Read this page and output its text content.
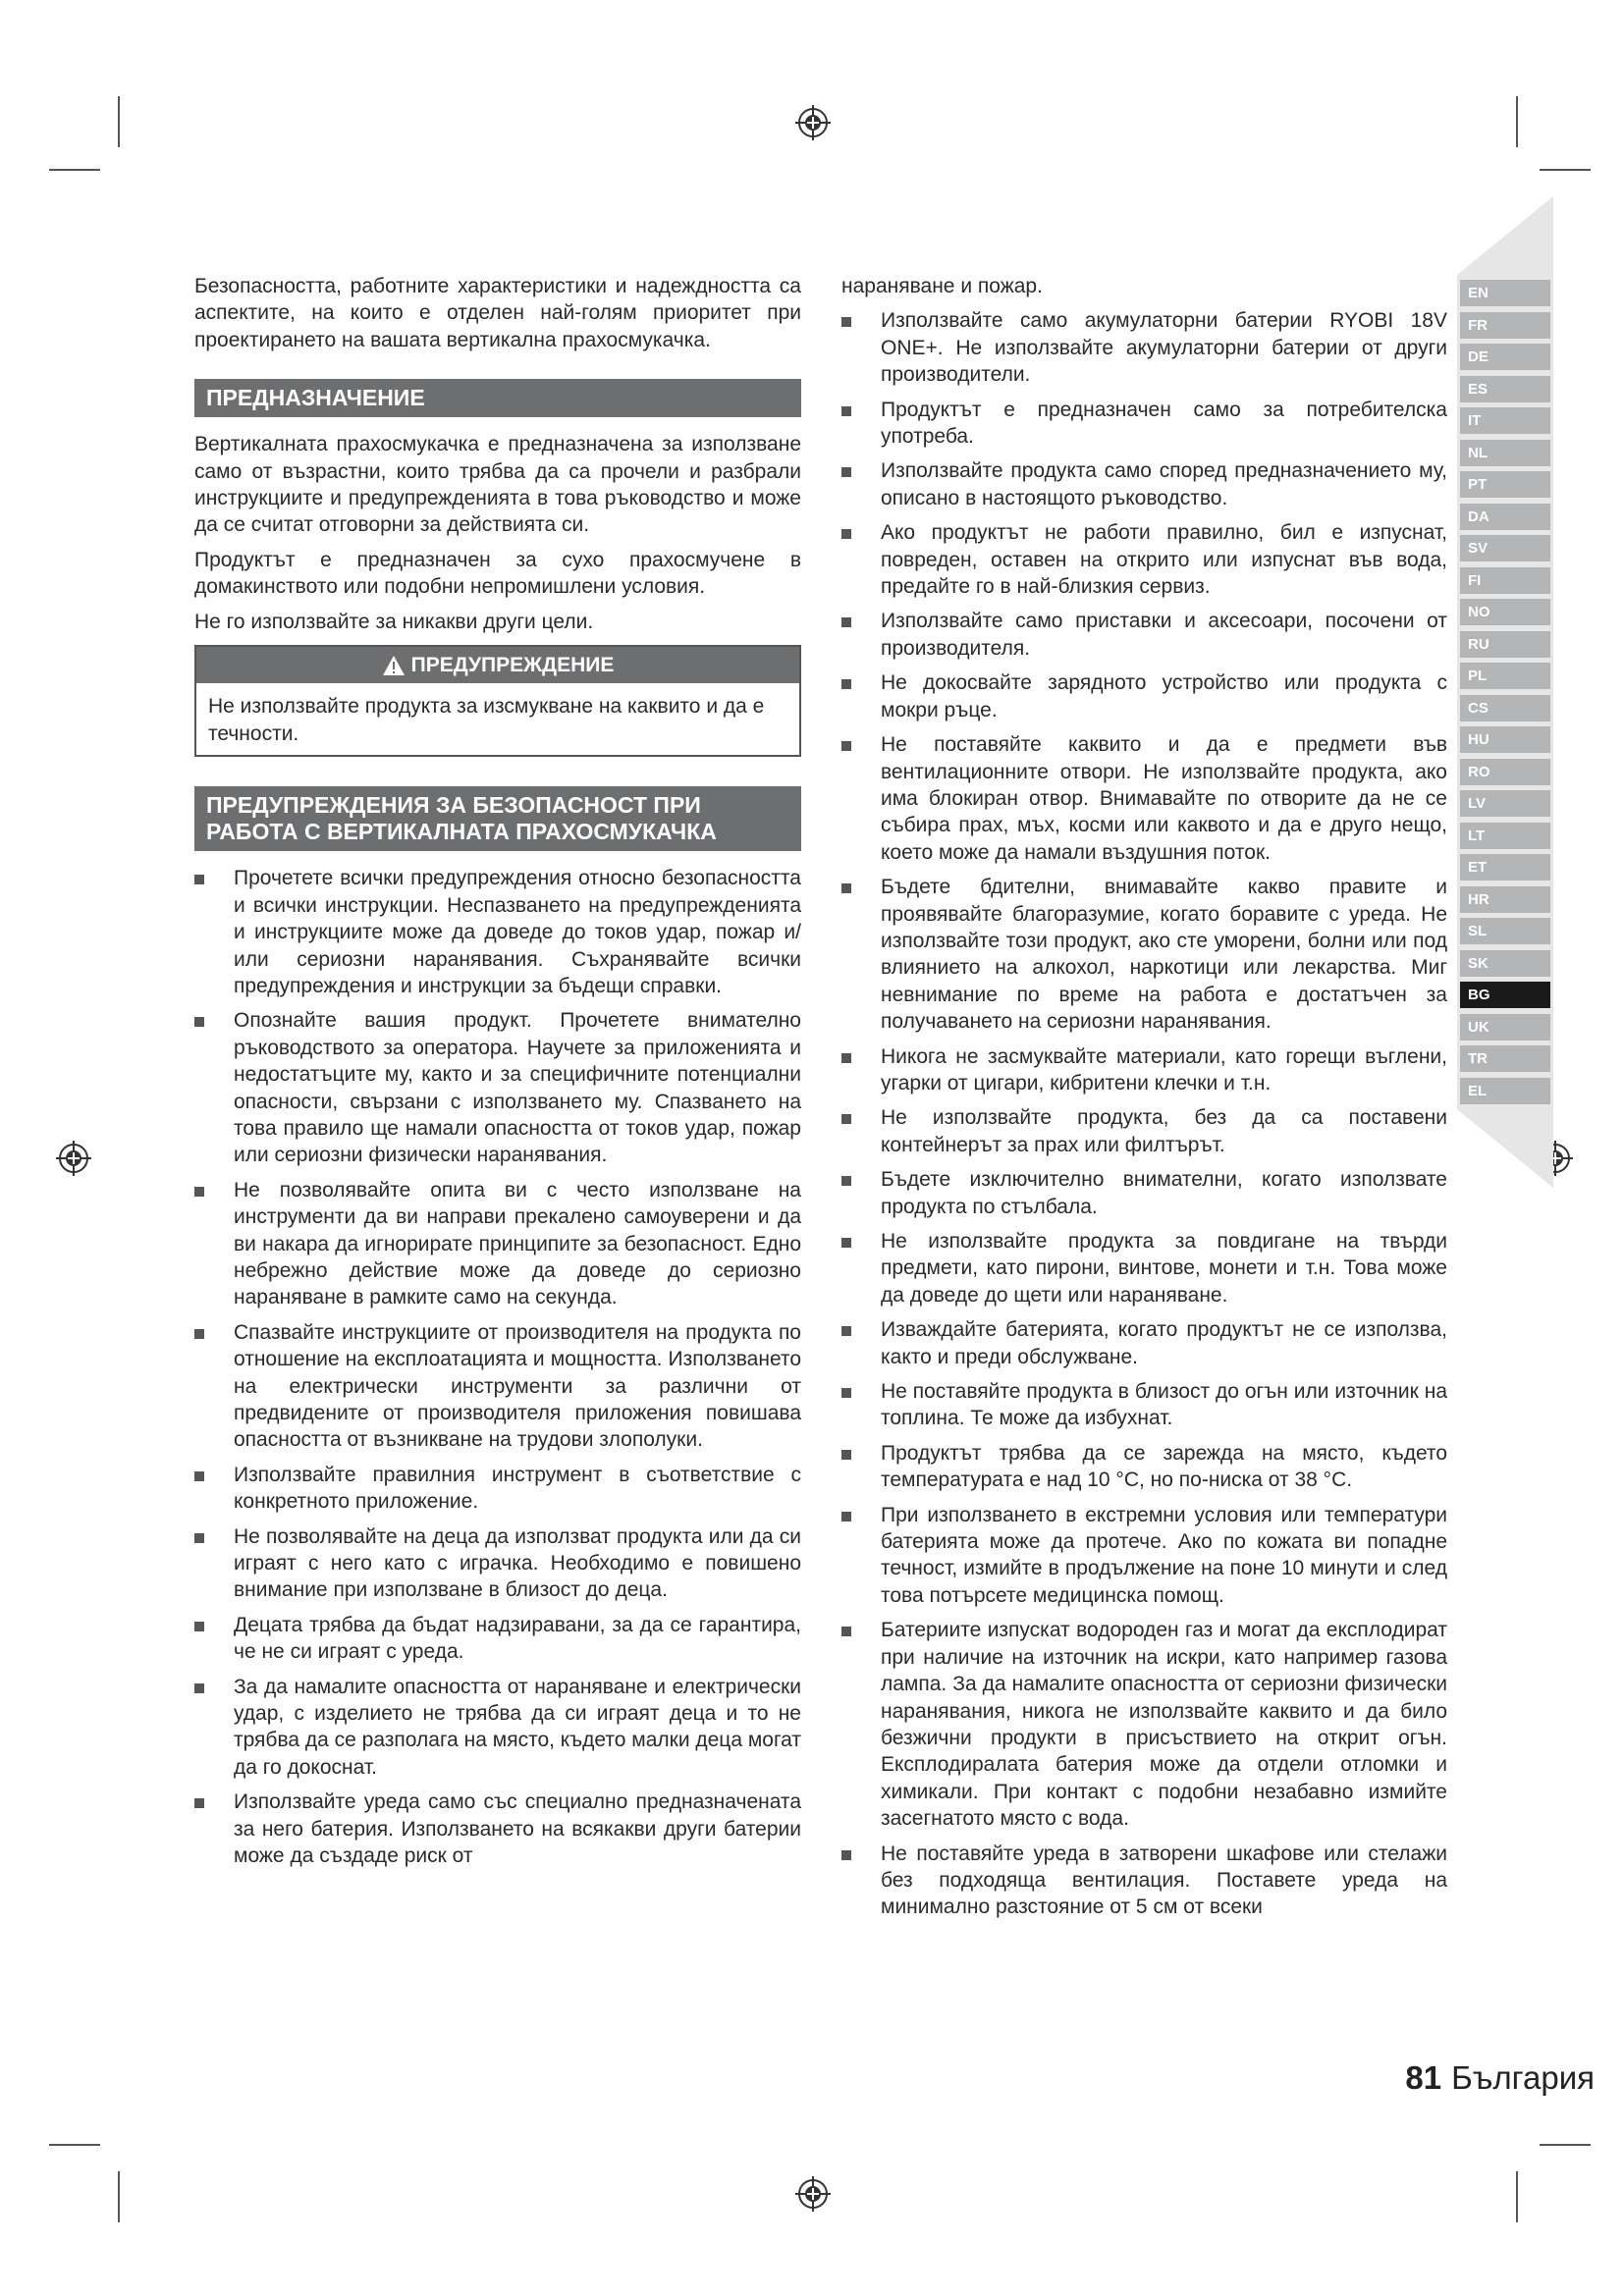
EN
FR
DE
ES
IT
NL
PT
DA
SV
FI
NO
RU
PL
CS
HU
RO
LV
LT
ET
HR
SL
SK
BG
UK
TR
EL

Безопасността, работните характеристики и надеждността са аспектите, на които е отделен най-голям приоритет при проектирането на вашата вертикална прахосмукачка.

ПРЕДНАЗНАЧЕНИЕ

Вертикалната прахосмукачка е предназначена за използване само от възрастни, които трябва да са прочели и разбрали инструкциите и предупрежденията в това ръководство и може да се считат отговорни за действията си.

Продуктът е предназначен за сухо прахосмучене в домакинството или подобни непромишлени условия.

Не го използвайте за никакви други цели.

ПРЕДУПРЕЖДЕНИЕ
Не използвайте продукта за изсмукване на каквито и да е течности.
ПРЕДУПРЕЖДЕНИЯ ЗА БЕЗОПАСНОСТ ПРИ РАБОТА С ВЕРТИКАЛНАТА ПРАХОСМУКАЧКА
Прочетете всички предупреждения относно безопасността и всички инструкции. Неспазването на предупрежденията и инструкциите може да доведе до токов удар, пожар и/или сериозни наранявания. Съхранявайте всички предупреждения и инструкции за бъдещи справки.
Опознайте вашия продукт. Прочетете внимателно ръководството за оператора. Научете за приложенията и недостатъците му, както и за специфичните потенциални опасности, свързани с използването му. Спазването на това правило ще намали опасността от токов удар, пожар или сериозни физически наранявания.
Не позволявайте опита ви с често използване на инструменти да ви направи прекалено самоуверени и да ви накара да игнорирате принципите за безопасност. Едно небрежно действие може да доведе до сериозно нараняване в рамките само на секунда.
Спазвайте инструкциите от производителя на продукта по отношение на експлоатацията и мощността. Използването на електрически инструменти за различни от предвидените от производителя приложения повишава опасността от възникване на трудови злополуки.
Използвайте правилния инструмент в съответствие с конкретното приложение.
Не позволявайте на деца да използват продукта или да си играят с него като с играчка. Необходимо е повишено внимание при използване в близост до деца.
Децата трябва да бъдат надзиравани, за да се гарантира, че не си играят с уреда.
За да намалите опасността от нараняване и електрически удар, с изделието не трябва да си играят деца и то не трябва да се разполага на място, където малки деца могат да го докоснат.
Използвайте уреда само със специално предназначената за него батерия. Използването на всякакви други батерии може да създаде риск от

нараняване и пожар.

Използвайте само акумулаторни батерии RYOBI 18V ONE+. Не използвайте акумулаторни батерии от други производители.
Продуктът е предназначен само за потребителска употреба.
Използвайте продукта само според предназначението му, описано в настоящото ръководство.
Ако продуктът не работи правилно, бил е изпуснат, повреден, оставен на открито или изпуснат във вода, предайте го в най-близкия сервиз.
Използвайте само приставки и аксесоари, посочени от производителя.
Не докосвайте зарядното устройство или продукта с мокри ръце.
Не поставяйте каквито и да е предмети във вентилационните отвори. Не използвайте продукта, ако има блокиран отвор. Внимавайте по отворите да не се събира прах, мъх, косми или каквото и да е друго нещо, което може да намали въздушния поток.
Бъдете бдителни, внимавайте какво правите и проявявайте благоразумие, когато боравите с уреда. Не използвайте този продукт, ако сте уморени, болни или под влиянието на алкохол, наркотици или лекарства. Миг невнимание по време на работа е достатъчен за получаването на сериозни наранявания.
Никога не засмуквайте материали, като горещи въглени, угарки от цигари, кибритени клечки и т.н.
Не използвайте продукта, без да са поставени контейнерът за прах или филтърът.
Бъдете изключително внимателни, когато използвате продукта по стълбала.
Не използвайте продукта за повдигане на твърди предмети, като пирони, винтове, монети и т.н. Това може да доведе до щети или нараняване.
Изваждайте батерията, когато продуктът не се използва, както и преди обслужване.
Не поставяйте продукта в близост до огън или източник на топлина. Те може да избухнат.
Продуктът трябва да се зарежда на място, където температурата е над 10 °C, но по-ниска от 38 °C.
При използването в екстремни условия или температури батерията може да протече. Ако по кожата ви попадне течност, измийте в продължение на поне 10 минути и след това потърсете медицинска помощ.
Батериите изпускат водороден газ и могат да експлодират при наличие на източник на искри, като например газова лампа. За да намалите опасността от сериозни физически наранявания, никога не използвайте каквито и да било безжични продукти в присъствието на открит огън. Експлодиралата батерия може да отдели отломки и химикали. При контакт с подобни незабавно измийте засегнатото място с вода.
Не поставяйте уреда в затворени шкафове или стелажи без подходяща вентилация. Поставете уреда на минимално разстояние от 5 см от всеки
81 България
